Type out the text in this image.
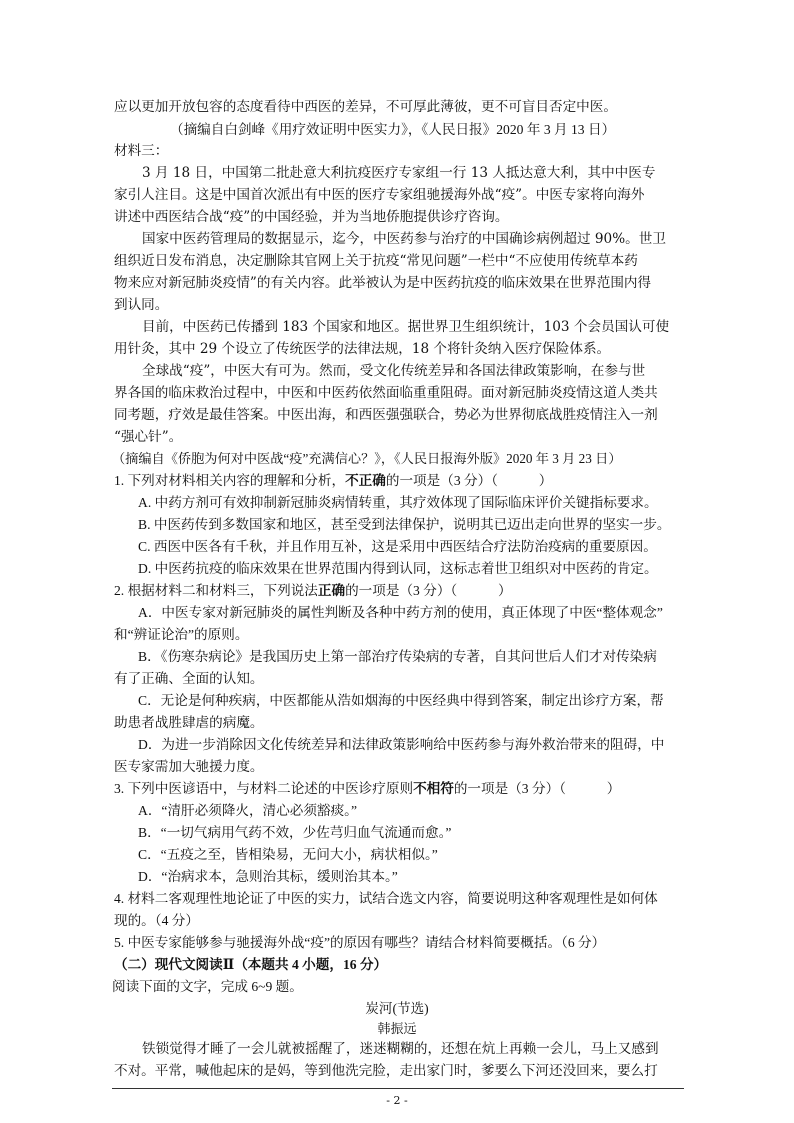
应以更加开放包容的态度看待中西医的差异，不可厚此薄彼，更不可盲目否定中医。
（摘编自白剑峰《用疗效证明中医实力》，《人民日报》2020 年 3 月 13 日）
材料三：
3 月 18 日，中国第二批赴意大利抗疫医疗专家组一行 13 人抵达意大利，其中中医专
家引人注目。这是中国首次派出有中医的医疗专家组驰援海外战“疫”。中医专家将向海外
讲述中西医结合战“疫”的中国经验，并为当地侨胞提供诊疗咨询。
国家中医药管理局的数据显示，迄今，中医药参与治疗的中国确诊病例超过 90%。世卫
组织近日发布消息，决定删除其官网上关于抗疫“常见问题”一栏中“不应使用传统草本药
物来应对新冠肺炎疫情”的有关内容。此举被认为是中医药抗疫的临床效果在世界范围内得
到认同。
目前，中医药已传播到 183 个国家和地区。据世界卫生组织统计，103 个会员国认可使
用针灸，其中 29 个设立了传统医学的法律法规，18 个将针灸纳入医疗保险体系。
全球战“疫”，中医大有可为。然而，受文化传统差异和各国法律政策影响，在参与世
界各国的临床救治过程中，中医和中医药依然面临重重阻碍。面对新冠肺炎疫情这道人类共
同考题，疗效是最佳答案。中医出海，和西医强强联合，势必为世界彻底战胜疫情注入一剂
“强心针”。
（摘编自《侨胞为何对中医战“疫”充满信心？》，《人民日报海外版》2020 年 3 月 23 日）
1. 下列对材料相关内容的理解和分析，不正确的一项是（3 分）（　　　）
A. 中药方剂可有效抑制新冠肺炎病情转重，其疗效体现了国际临床评价关键指标要求。
B. 中医药传到多数国家和地区，甚至受到法律保护，说明其已迈出走向世界的坚实一步。
C. 西医中医各有千秋，并且作用互补，这是采用中西医结合疗法防治疫病的重要原因。
D. 中医药抗疫的临床效果在世界范围内得到认同，这标志着世卫组织对中医药的肯定。
2. 根据材料二和材料三，下列说法正确的一项是（3 分）（　　　）
A．中医专家对新冠肺炎的属性判断及各种中药方剂的使用，真正体现了中医“整体观念”
和“辨证论治”的原则。
B．《伤寒杂病论》是我国历史上第一部治疗传染病的专著，自其问世后人们才对传染病
有了正确、全面的认知。
C．无论是何种疾病，中医都能从浩如烟海的中医经典中得到答案，制定出诊疗方案，帮
助患者战胜肆虐的病魔。
D．为进一步消除因文化传统差异和法律政策影响给中医药参与海外救治带来的阻碍，中
医专家需加大驰援力度。
3. 下列中医谚语中，与材料二论述的中医诊疗原则不相符的一项是（3 分）（　　　）
A．“清肝必须降火，清心必须豁痰。”
B．“一切气病用气药不效，少佐芎归血气流通而愈。”
C．“五疫之至，皆相染易，无问大小，病状相似。”
D．“治病求本，急则治其标，缓则治其本。”
4. 材料二客观理性地论证了中医的实力，试结合选文内容，简要说明这种客观理性是如何体
现的。（4 分）
5. 中医专家能够参与驰援海外战“疫”的原因有哪些？请结合材料简要概括。（6 分）
（二）现代文阅读Ⅱ（本题共 4 小题，16 分）
阅读下面的文字，完成 6~9 题。
炭河(节选)
韩振远
铁锁觉得才睡了一会儿就被摇醒了，迷迷糊糊的，还想在炕上再赖一会儿，马上又感到
不对。平常，喊他起床的是妈，等到他洗完脸，走出家门时，爹要么下河还没回来，要么打
- 2 -
